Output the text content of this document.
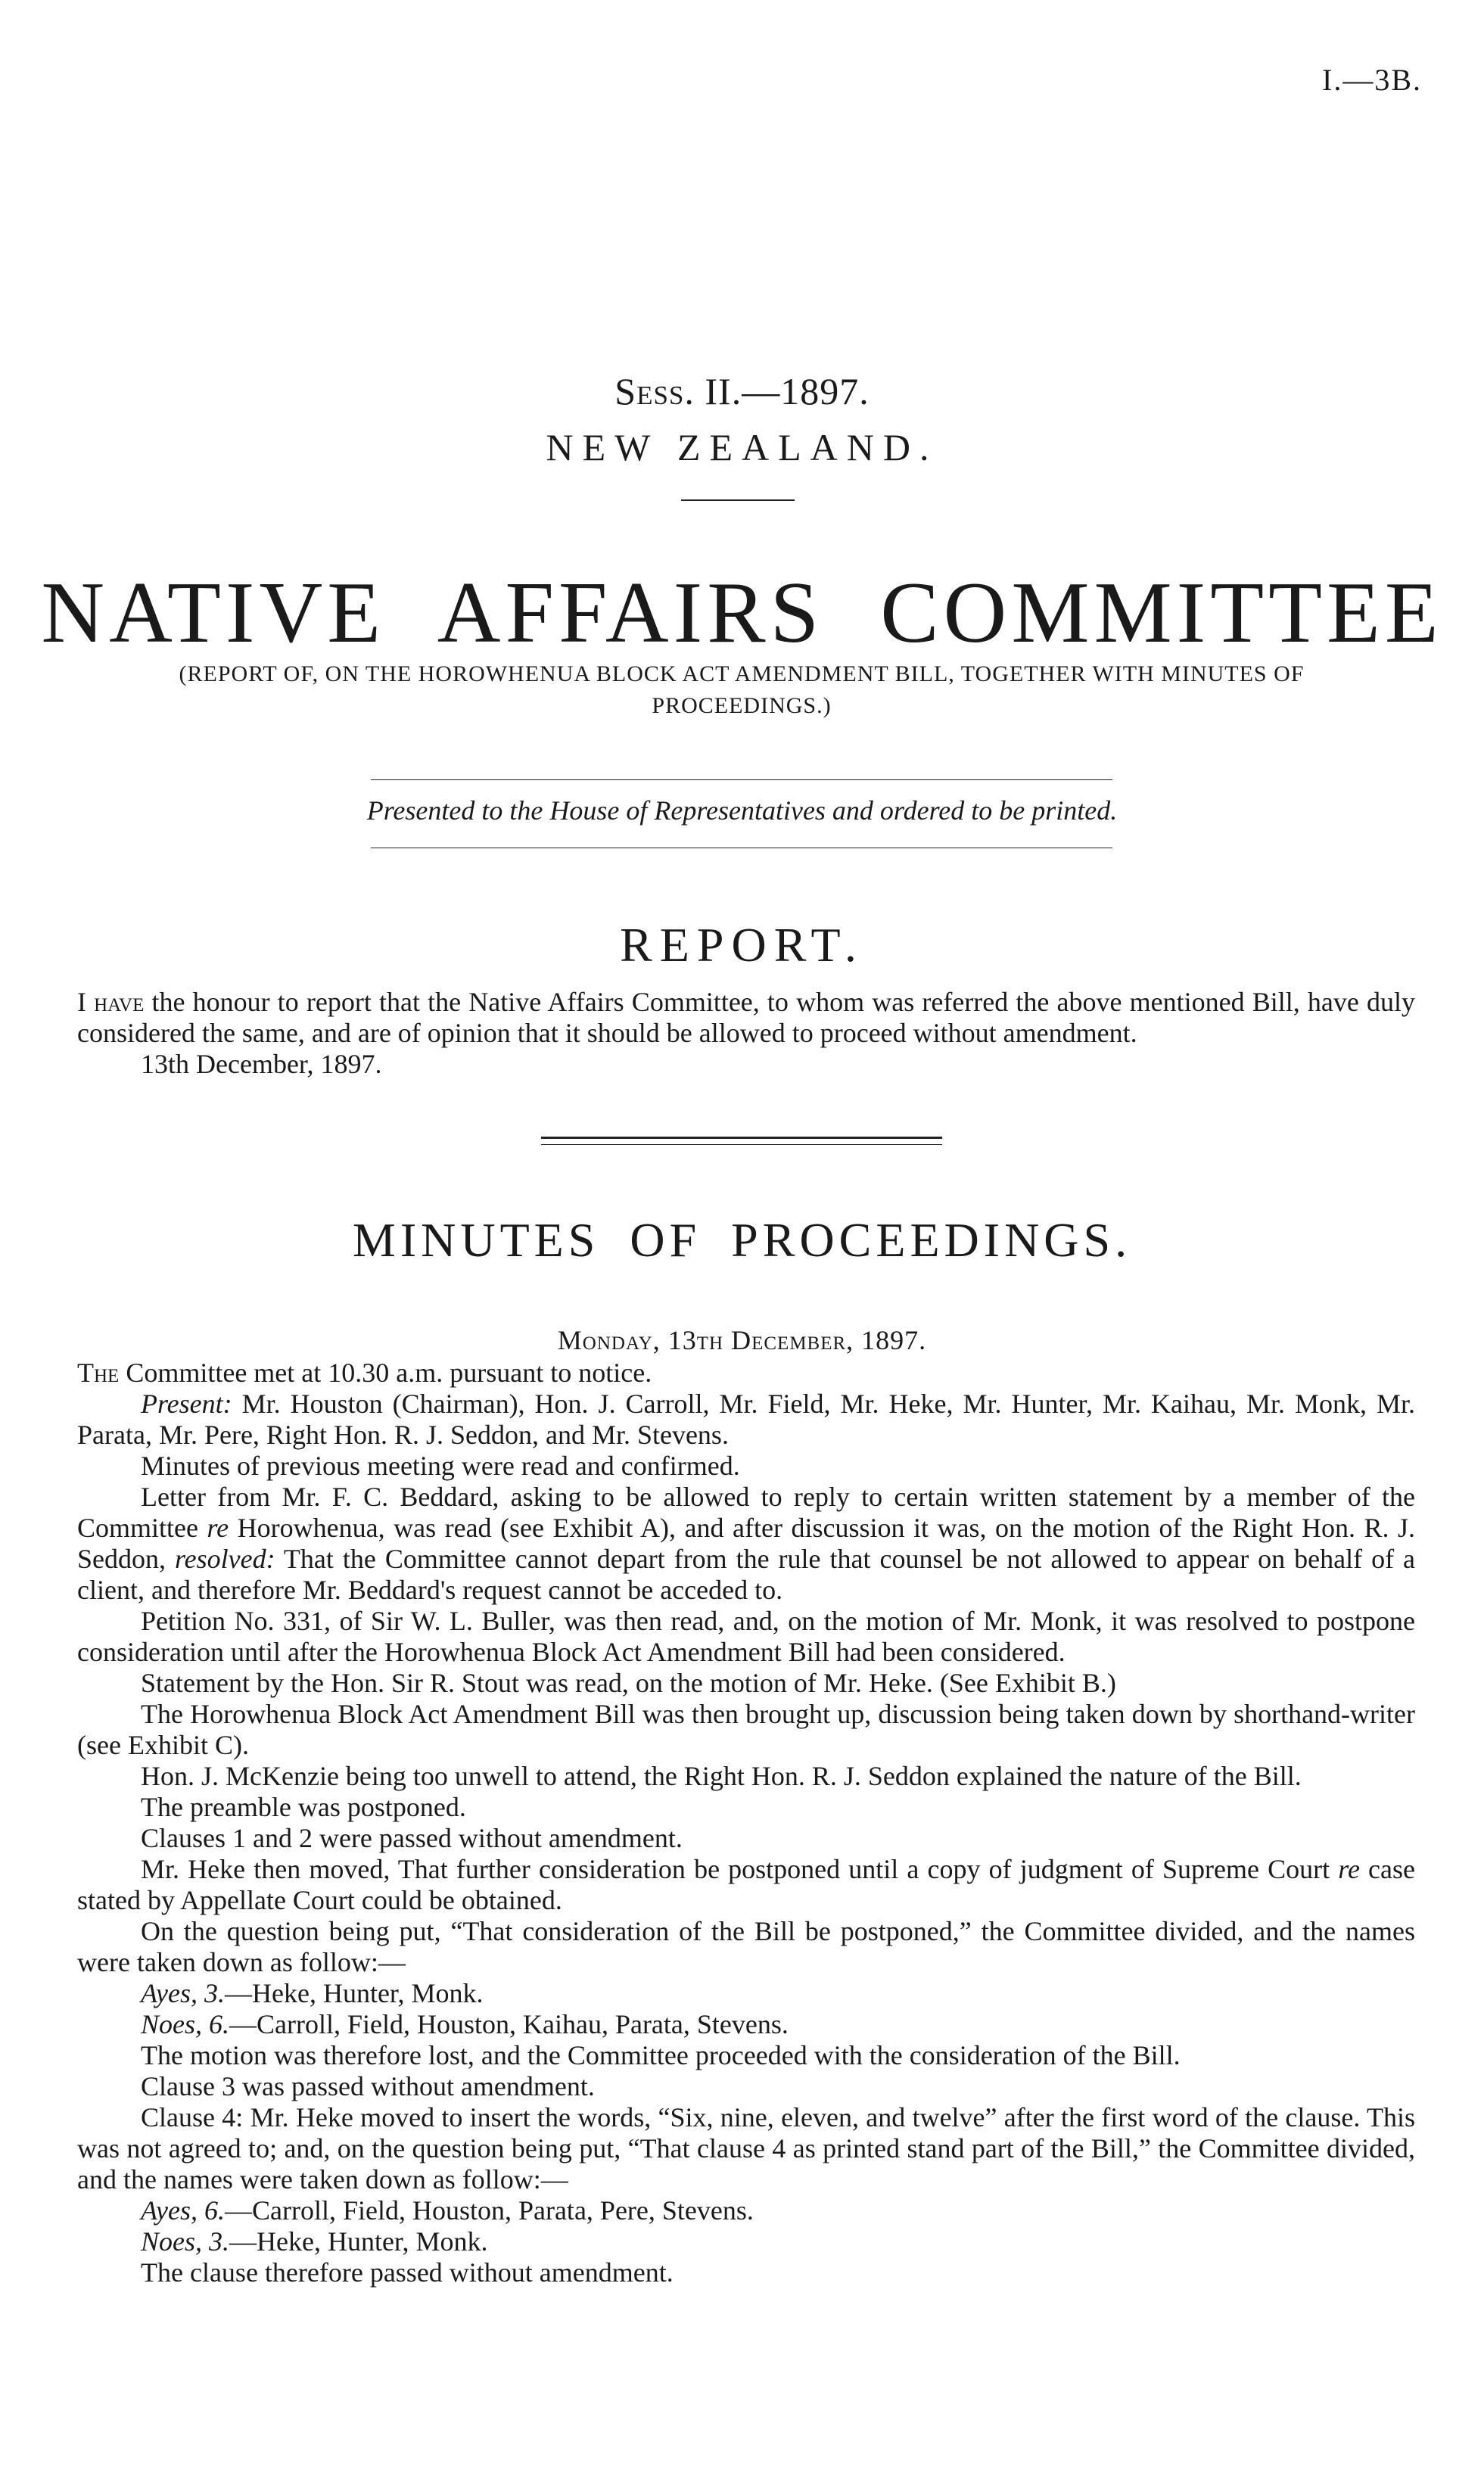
I.—3B.
Sess. II.—1897.
NEW ZEALAND.
NATIVE AFFAIRS COMMITTEE
(REPORT OF, ON THE HOROWHENUA BLOCK ACT AMENDMENT BILL, TOGETHER WITH MINUTES OF PROCEEDINGS.)
Presented to the House of Representatives and ordered to be printed.
REPORT.

I have the honour to report that the Native Affairs Committee, to whom was referred the above mentioned Bill, have duly considered the same, and are of opinion that it should be allowed to proceed without amendment.

13th December, 1897.

MINUTES OF PROCEEDINGS.
Monday, 13th December, 1897.

The Committee met at 10.30 a.m. pursuant to notice.

Present: Mr. Houston (Chairman), Hon. J. Carroll, Mr. Field, Mr. Heke, Mr. Hunter, Mr. Kaihau, Mr. Monk, Mr. Parata, Mr. Pere, Right Hon. R. J. Seddon, and Mr. Stevens.

Minutes of previous meeting were read and confirmed.

Letter from Mr. F. C. Beddard, asking to be allowed to reply to certain written statement by a member of the Committee re Horowhenua, was read (see Exhibit A), and after discussion it was, on the motion of the Right Hon. R. J. Seddon, resolved: That the Committee cannot depart from the rule that counsel be not allowed to appear on behalf of a client, and therefore Mr. Beddard's request cannot be acceded to.

Petition No. 331, of Sir W. L. Buller, was then read, and, on the motion of Mr. Monk, it was resolved to postpone consideration until after the Horowhenua Block Act Amendment Bill had been considered.

Statement by the Hon. Sir R. Stout was read, on the motion of Mr. Heke. (See Exhibit B.)

The Horowhenua Block Act Amendment Bill was then brought up, discussion being taken down by shorthand-writer (see Exhibit C).

Hon. J. McKenzie being too unwell to attend, the Right Hon. R. J. Seddon explained the nature of the Bill.

The preamble was postponed.

Clauses 1 and 2 were passed without amendment.

Mr. Heke then moved, That further consideration be postponed until a copy of judgment of Supreme Court re case stated by Appellate Court could be obtained.

On the question being put, “That consideration of the Bill be postponed,” the Committee divided, and the names were taken down as follow:—

Ayes, 3.—Heke, Hunter, Monk.

Noes, 6.—Carroll, Field, Houston, Kaihau, Parata, Stevens.

The motion was therefore lost, and the Committee proceeded with the consideration of the Bill.

Clause 3 was passed without amendment.

Clause 4: Mr. Heke moved to insert the words, “Six, nine, eleven, and twelve” after the first word of the clause. This was not agreed to; and, on the question being put, “That clause 4 as printed stand part of the Bill,” the Committee divided, and the names were taken down as follow:—

Ayes, 6.—Carroll, Field, Houston, Parata, Pere, Stevens.

Noes, 3.—Heke, Hunter, Monk.

The clause therefore passed without amendment.
